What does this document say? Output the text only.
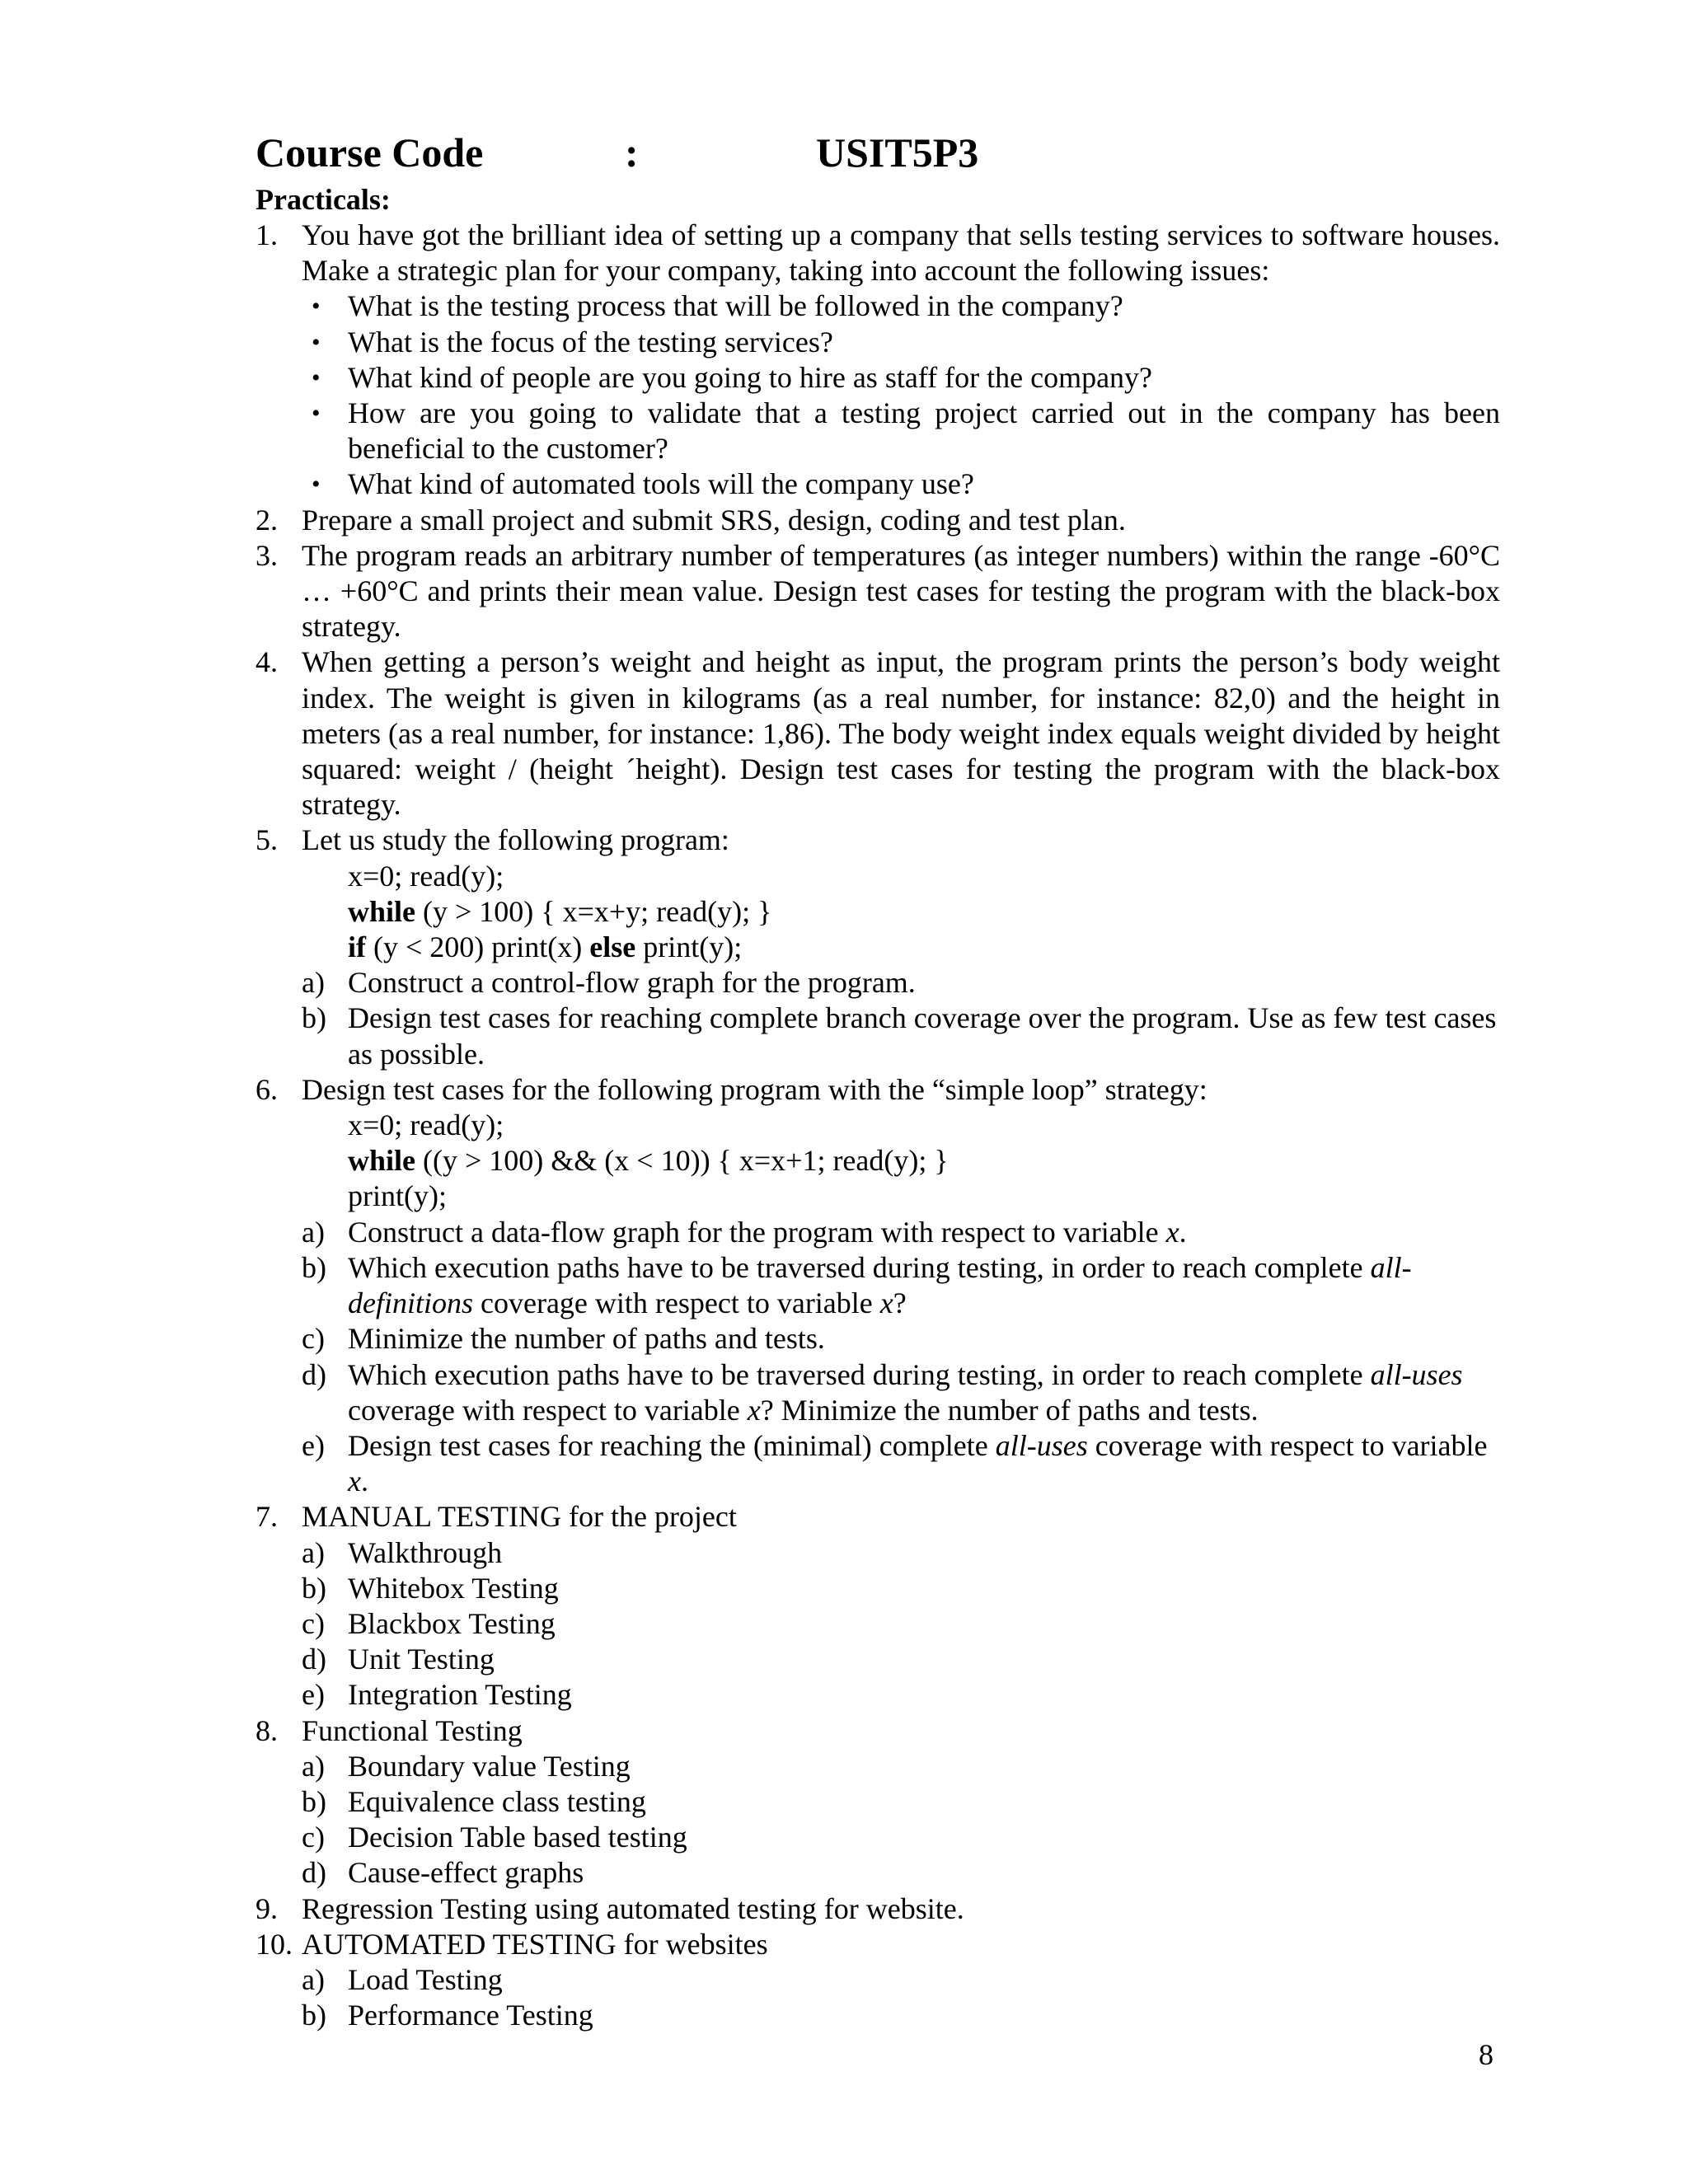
Course Code	:	USIT5P3
Practicals:
1. You have got the brilliant idea of setting up a company that sells testing services to software houses. Make a strategic plan for your company, taking into account the following issues:
• What is the testing process that will be followed in the company?
• What is the focus of the testing services?
• What kind of people are you going to hire as staff for the company?
• How are you going to validate that a testing project carried out in the company has been beneficial to the customer?
• What kind of automated tools will the company use?
2. Prepare a small project and submit SRS, design, coding and test plan.
3. The program reads an arbitrary number of temperatures (as integer numbers) within the range -60°C … +60°C and prints their mean value. Design test cases for testing the program with the black-box strategy.
4. When getting a person’s weight and height as input, the program prints the person’s body weight index. The weight is given in kilograms (as a real number, for instance: 82,0) and the height in meters (as a real number, for instance: 1,86). The body weight index equals weight divided by height squared: weight / (height ´height). Design test cases for testing the program with the black-box strategy.
5. Let us study the following program:
x=0; read(y);
while (y > 100) { x=x+y; read(y); }
if (y < 200) print(x) else print(y);
a) Construct a control-flow graph for the program.
b) Design test cases for reaching complete branch coverage over the program. Use as few test cases as possible.
6. Design test cases for the following program with the “simple loop” strategy:
x=0; read(y);
while ((y > 100) && (x < 10)) { x=x+1; read(y); }
print(y);
a) Construct a data-flow graph for the program with respect to variable x.
b) Which execution paths have to be traversed during testing, in order to reach complete all-definitions coverage with respect to variable x?
c) Minimize the number of paths and tests.
d) Which execution paths have to be traversed during testing, in order to reach complete all-uses coverage with respect to variable x? Minimize the number of paths and tests.
e) Design test cases for reaching the (minimal) complete all-uses coverage with respect to variable x.
7. MANUAL TESTING for the project
a) Walkthrough
b) Whitebox Testing
c) Blackbox Testing
d) Unit Testing
e) Integration Testing
8. Functional Testing
a) Boundary value Testing
b) Equivalence class testing
c) Decision Table based testing
d) Cause-effect graphs
9. Regression Testing using automated testing for website.
10. AUTOMATED TESTING for websites
a) Load Testing
b) Performance Testing
8
